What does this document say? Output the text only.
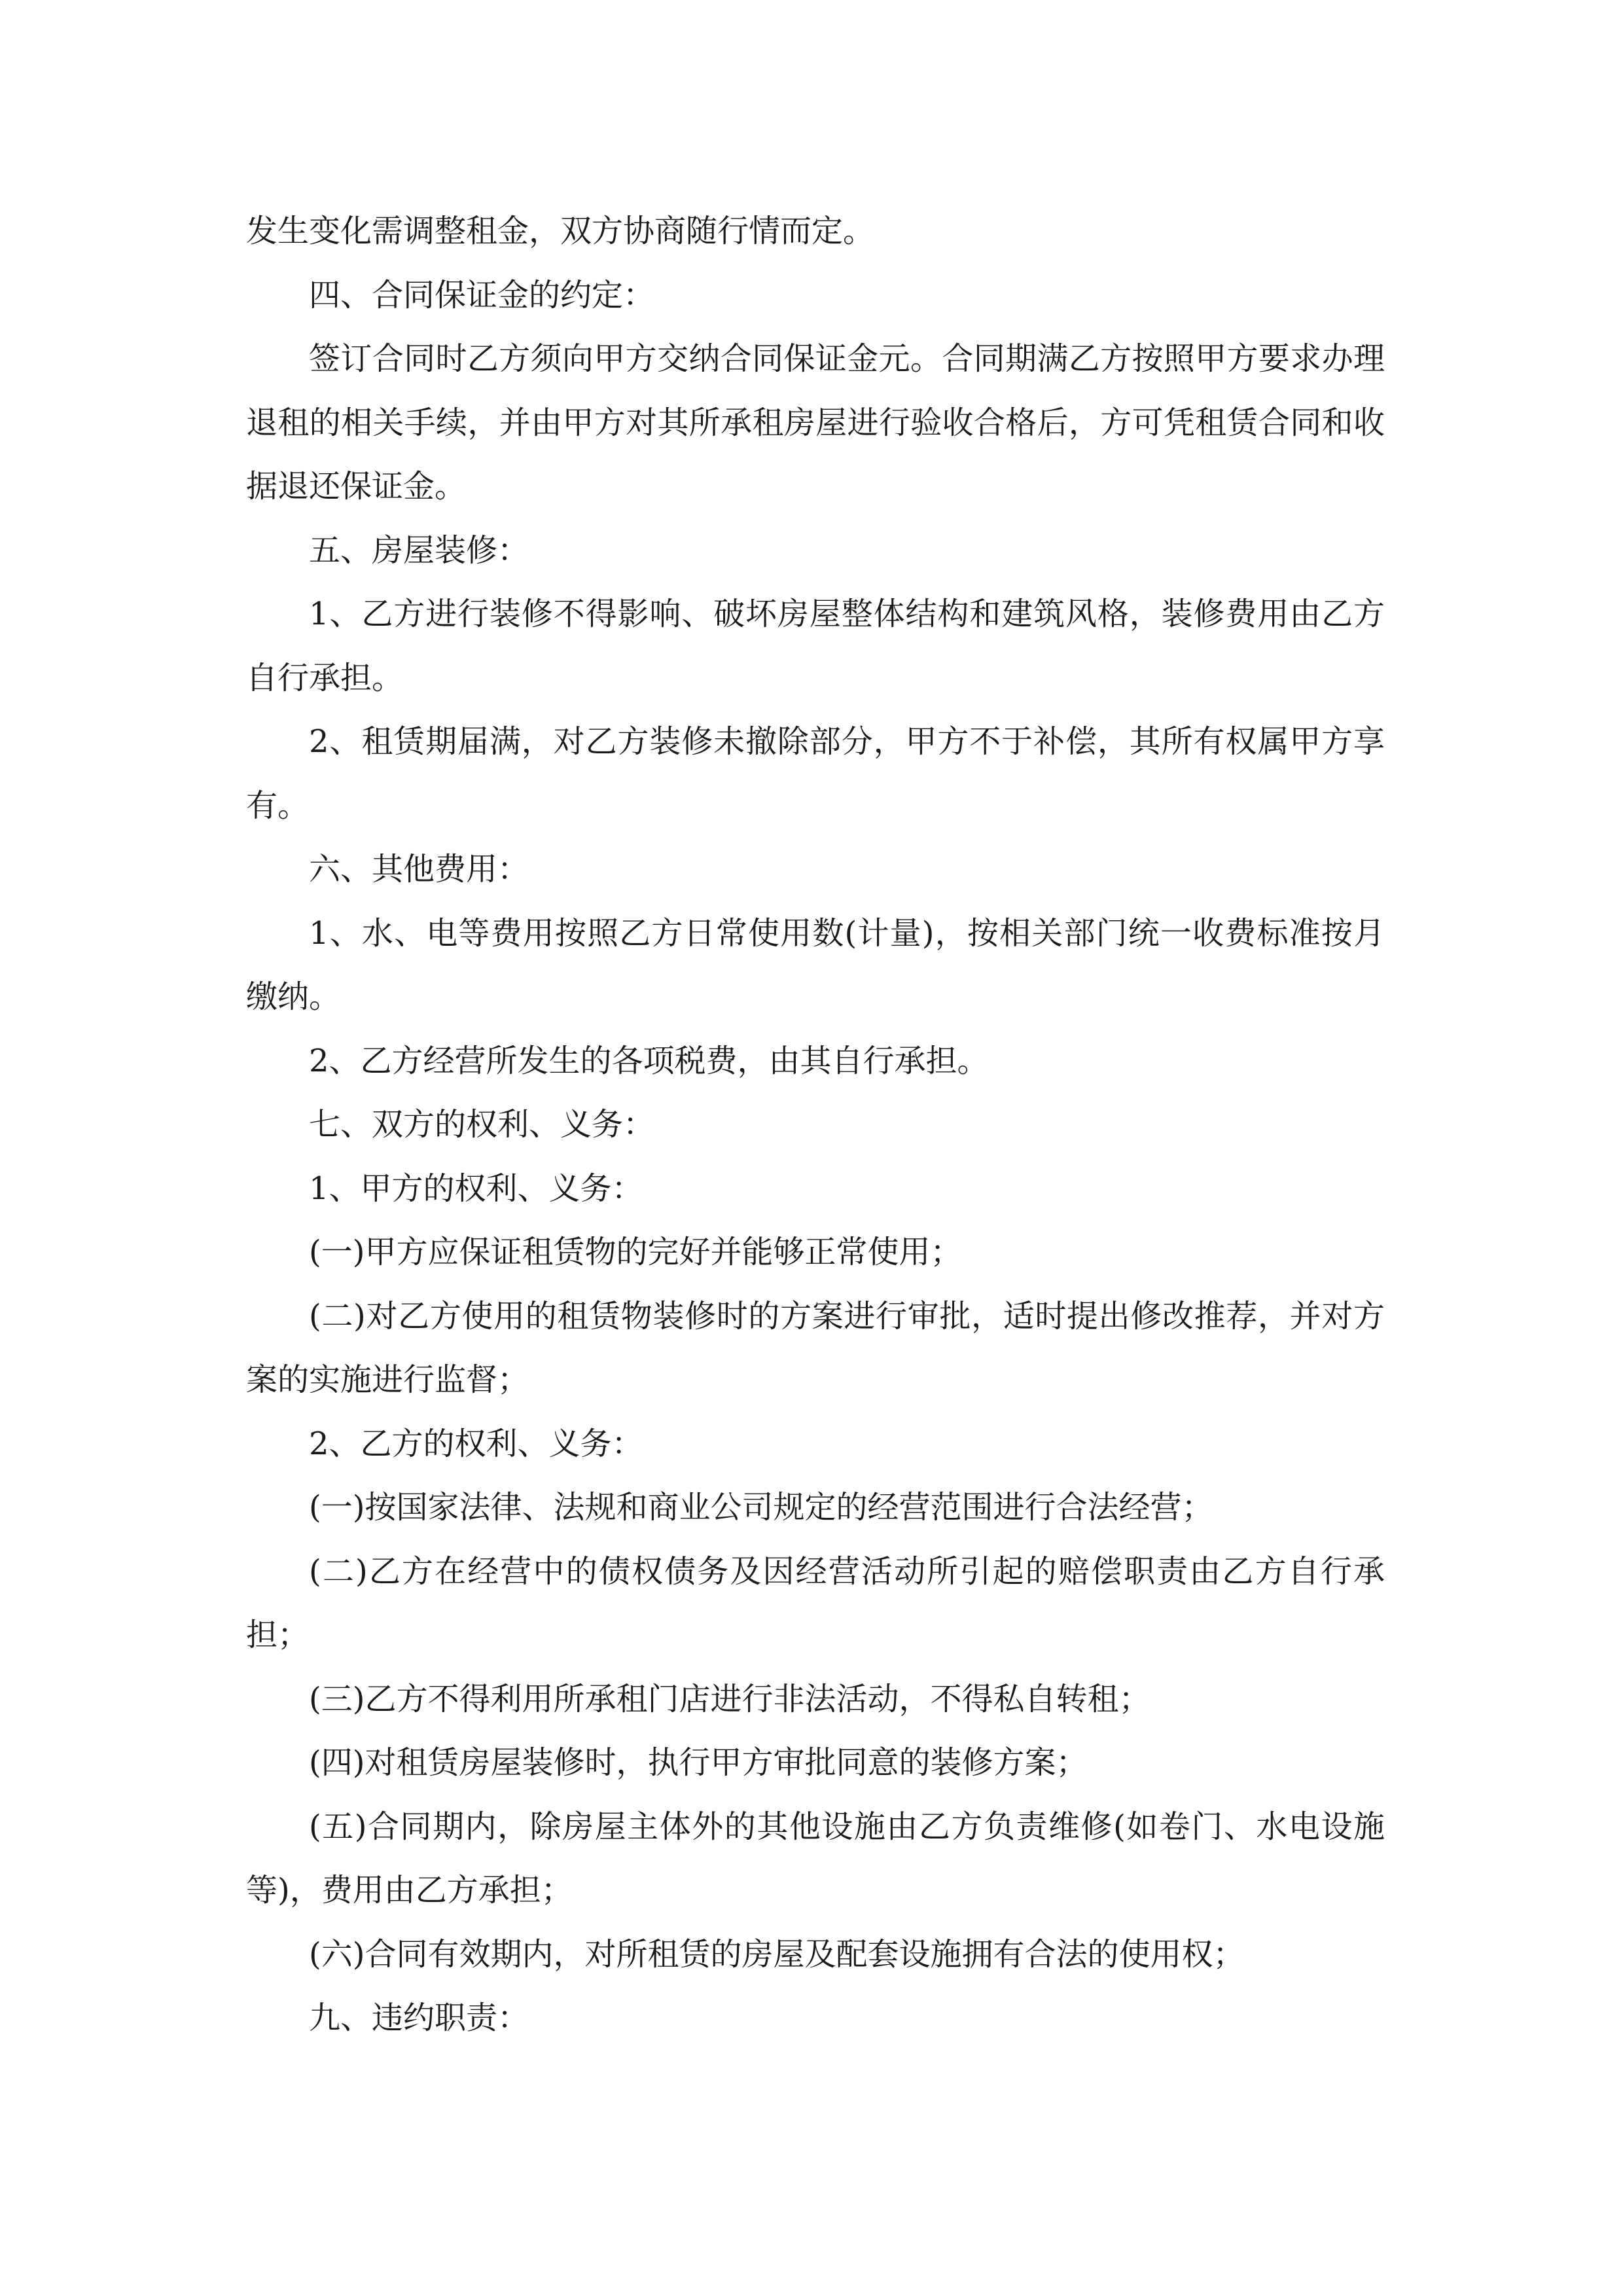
发生变化需调整租金，双方协商随行情而定。

四、合同保证金的约定：

签订合同时乙方须向甲方交纳合同保证金元。合同期满乙方按照甲方要求办理退租的相关手续，并由甲方对其所承租房屋进行验收合格后，方可凭租赁合同和收据退还保证金。

五、房屋装修：

1、乙方进行装修不得影响、破坏房屋整体结构和建筑风格，装修费用由乙方自行承担。

2、租赁期届满，对乙方装修未撤除部分，甲方不于补偿，其所有权属甲方享有。

六、其他费用：

1、水、电等费用按照乙方日常使用数(计量)，按相关部门统一收费标准按月缴纳。

2、乙方经营所发生的各项税费，由其自行承担。

七、双方的权利、义务：

1、甲方的权利、义务：

(一)甲方应保证租赁物的完好并能够正常使用；

(二)对乙方使用的租赁物装修时的方案进行审批，适时提出修改推荐，并对方案的实施进行监督；

2、乙方的权利、义务：

(一)按国家法律、法规和商业公司规定的经营范围进行合法经营；

(二)乙方在经营中的债权债务及因经营活动所引起的赔偿职责由乙方自行承担；

(三)乙方不得利用所承租门店进行非法活动，不得私自转租；

(四)对租赁房屋装修时，执行甲方审批同意的装修方案；

(五)合同期内，除房屋主体外的其他设施由乙方负责维修(如卷门、水电设施等)，费用由乙方承担；

(六)合同有效期内，对所租赁的房屋及配套设施拥有合法的使用权；

九、违约职责：
